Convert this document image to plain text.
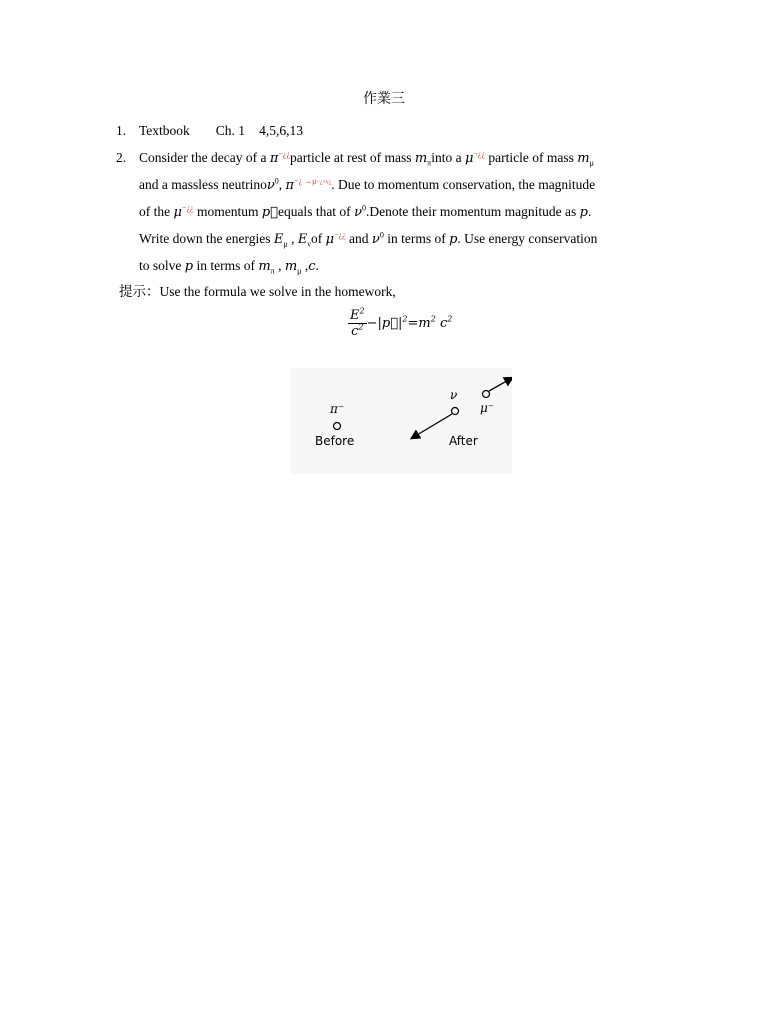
作業三
1. Textbook Ch. 1 4,5,6,13
2. Consider the decay of a π−¿¿particle at rest of mass $m_\pi into$ a μ−¿¿ particle of mass $m_\mu$
and a massless neutrinoν$^0$, $\pi^{-¿ \to\mu-¿+\nu¿}$. Due to momentum conservation, the magnitude
of the μ−¿¿ momentum p⃗equals that of $\nu^0.Denote$ their momentum magnitude as p.
Write down the energies $E_\mu$ , $E_\nu of$ μ−¿¿ and $\nu^0$ in terms of p. Use energy conservation
to solve p in terms of $m_\pi$ , $m_\mu$ ,c.
提示：Use the formula we solve in the homework,
$\frac{E^2}{c^2}$ $-|p⃗|^2=m^2$ $c^2$
π⁻
Before
ν
μ⁻
After
